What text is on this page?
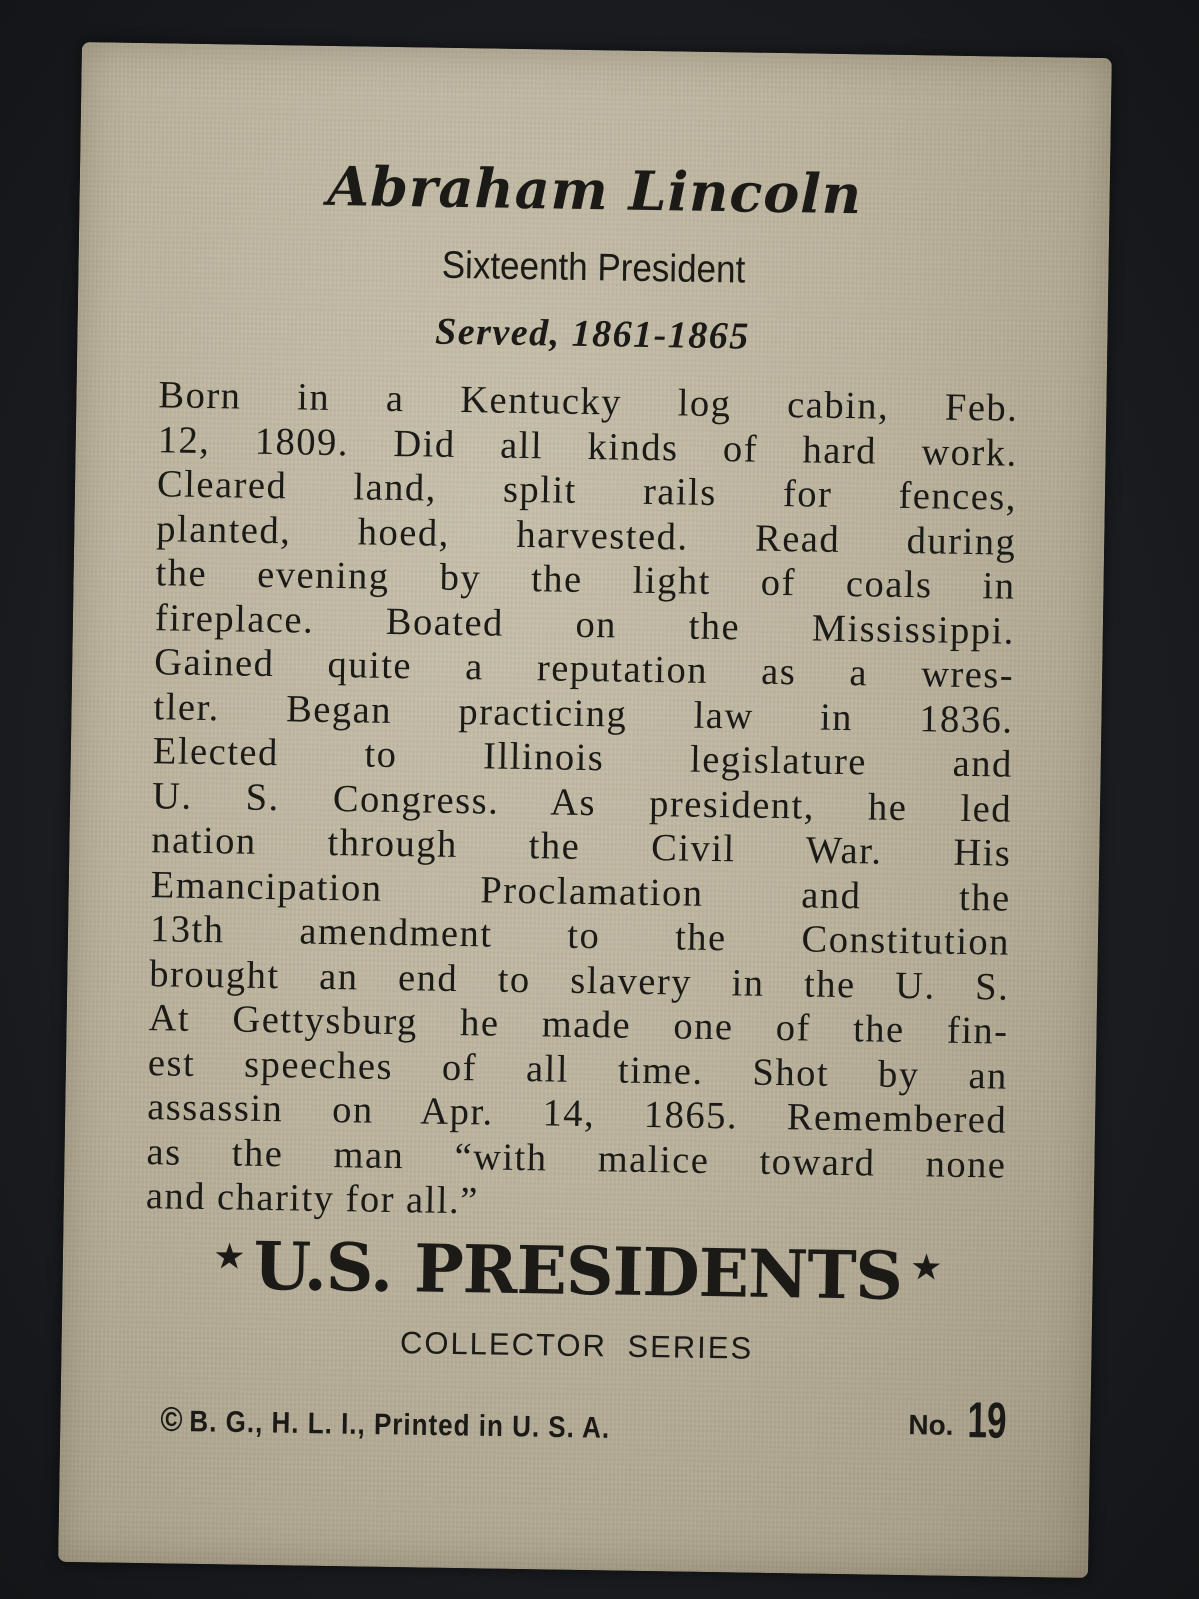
Abraham Lincoln
Sixteenth President
Served, 1861-1865
Born in a Kentucky log cabin, Feb.
12, 1809. Did all kinds of hard work.
Cleared land, split rails for fences,
planted, hoed, harvested. Read during
the evening by the light of coals in
fireplace. Boated on the Mississippi.
Gained quite a reputation as a wres-
tler. Began practicing law in 1836.
Elected to Illinois legislature and
U. S. Congress. As president, he led
nation through the Civil War. His
Emancipation Proclamation and the
13th amendment to the Constitution
brought an end to slavery in the U. S.
At Gettysburg he made one of the fin-
est speeches of all time. Shot by an
assassin on Apr. 14, 1865. Remembered
as the man “with malice toward none
and charity for all.”
★ U.S. PRESIDENTS ★
COLLECTOR SERIES
© B. G., H. L. I., Printed in U. S. A.	No. 19
